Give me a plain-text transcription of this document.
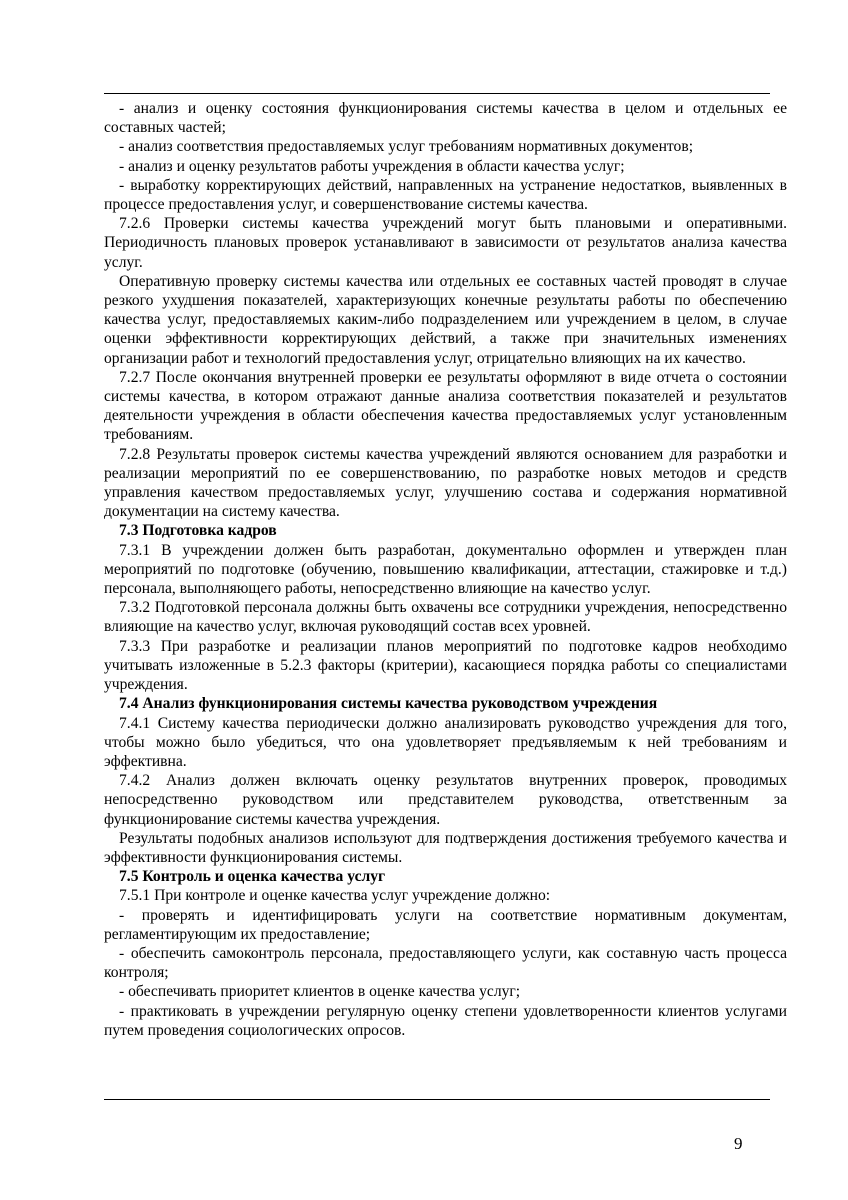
- анализ и оценку состояния функционирования системы качества в целом и отдельных ее составных частей;

- анализ соответствия предоставляемых услуг требованиям нормативных документов;

- анализ и оценку результатов работы учреждения в области качества услуг;

- выработку корректирующих действий, направленных на устранение недостатков, выявленных в процессе предоставления услуг, и совершенствование системы качества.

7.2.6 Проверки системы качества учреждений могут быть плановыми и оперативными. Периодичность плановых проверок устанавливают в зависимости от результатов анализа качества услуг.

Оперативную проверку системы качества или отдельных ее составных частей проводят в случае резкого ухудшения показателей, характеризующих конечные результаты работы по обеспечению качества услуг, предоставляемых каким-либо подразделением или учреждением в целом, в случае оценки эффективности корректирующих действий, а также при значительных изменениях организации работ и технологий предоставления услуг, отрицательно влияющих на их качество.

7.2.7 После окончания внутренней проверки ее результаты оформляют в виде отчета о состоянии системы качества, в котором отражают данные анализа соответствия показателей и результатов деятельности учреждения в области обеспечения качества предоставляемых услуг установленным требованиям.

7.2.8 Результаты проверок системы качества учреждений являются основанием для разработки и реализации мероприятий по ее совершенствованию, по разработке новых методов и средств управления качеством предоставляемых услуг, улучшению состава и содержания нормативной документации на систему качества.

7.3 Подготовка кадров

7.3.1 В учреждении должен быть разработан, документально оформлен и утвержден план мероприятий по подготовке (обучению, повышению квалификации, аттестации, стажировке и т.д.) персонала, выполняющего работы, непосредственно влияющие на качество услуг.

7.3.2 Подготовкой персонала должны быть охвачены все сотрудники учреждения, непосредственно влияющие на качество услуг, включая руководящий состав всех уровней.

7.3.3 При разработке и реализации планов мероприятий по подготовке кадров необходимо учитывать изложенные в 5.2.3 факторы (критерии), касающиеся порядка работы со специалистами учреждения.

7.4 Анализ функционирования системы качества руководством учреждения

7.4.1 Систему качества периодически должно анализировать руководство учреждения для того, чтобы можно было убедиться, что она удовлетворяет предъявляемым к ней требованиям и эффективна.

7.4.2 Анализ должен включать оценку результатов внутренних проверок, проводимых непосредственно руководством или представителем руководства, ответственным за функционирование системы качества учреждения.

Результаты подобных анализов используют для подтверждения достижения требуемого качества и эффективности функционирования системы.

7.5 Контроль и оценка качества услуг

7.5.1 При контроле и оценке качества услуг учреждение должно:

- проверять и идентифицировать услуги на соответствие нормативным документам, регламентирующим их предоставление;

- обеспечить самоконтроль персонала, предоставляющего услуги, как составную часть процесса контроля;

- обеспечивать приоритет клиентов в оценке качества услуг;

- практиковать в учреждении регулярную оценку степени удовлетворенности клиентов услугами путем проведения социологических опросов.

9
